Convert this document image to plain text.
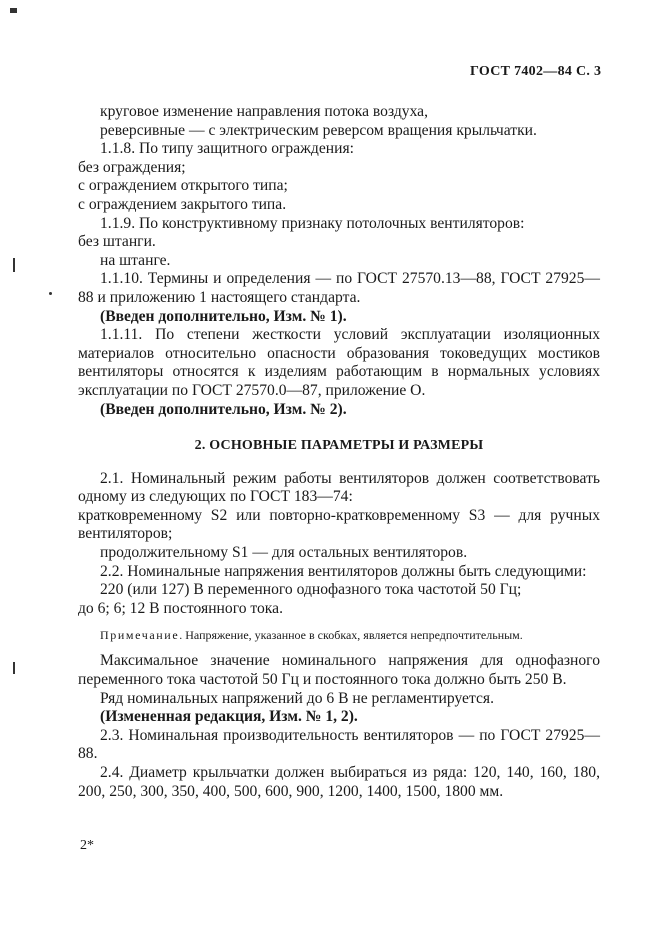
ГОСТ 7402—84 С. 3

круговое изменение направления потока воздуха,

реверсивные — с электрическим реверсом вращения крыльчатки.

1.1.8. По типу защитного ограждения:

без ограждения;

с ограждением открытого типа;

с ограждением закрытого типа.

1.1.9. По конструктивному признаку потолочных вентиляторов:

без штанги.

на штанге.

1.1.10. Термины и определения — по ГОСТ 27570.13—88, ГОСТ 27925—88 и приложению 1 настоящего стандарта.

(Введен дополнительно, Изм. № 1).

1.1.11. По степени жесткости условий эксплуатации изоляционных материалов относительно опасности образования токоведущих мостиков вентиляторы относятся к изделиям работающим в нормальных условиях эксплуатации по ГОСТ 27570.0—87, приложение О.

(Введен дополнительно, Изм. № 2).

2. ОСНОВНЫЕ ПАРАМЕТРЫ И РАЗМЕРЫ

2.1. Номинальный режим работы вентиляторов должен соответствовать одному из следующих по ГОСТ 183—74:

кратковременному S2 или повторно-кратковременному S3 — для ручных вентиляторов;

продолжительному S1 — для остальных вентиляторов.

2.2. Номинальные напряжения вентиляторов должны быть следующими:

220 (или 127) В переменного однофазного тока частотой 50 Гц;

до 6; 6; 12 В постоянного тока.

Примечание. Напряжение, указанное в скобках, является непредпочтительным.

Максимальное значение номинального напряжения для однофазного переменного тока частотой 50 Гц и постоянного тока должно быть 250 В.

Ряд номинальных напряжений до 6 В не регламентируется.

(Измененная редакция, Изм. № 1, 2).

2.3. Номинальная производительность вентиляторов — по ГОСТ 27925—88.

2.4. Диаметр крыльчатки должен выбираться из ряда: 120, 140, 160, 180, 200, 250, 300, 350, 400, 500, 600, 900, 1200, 1400, 1500, 1800 мм.

2*
